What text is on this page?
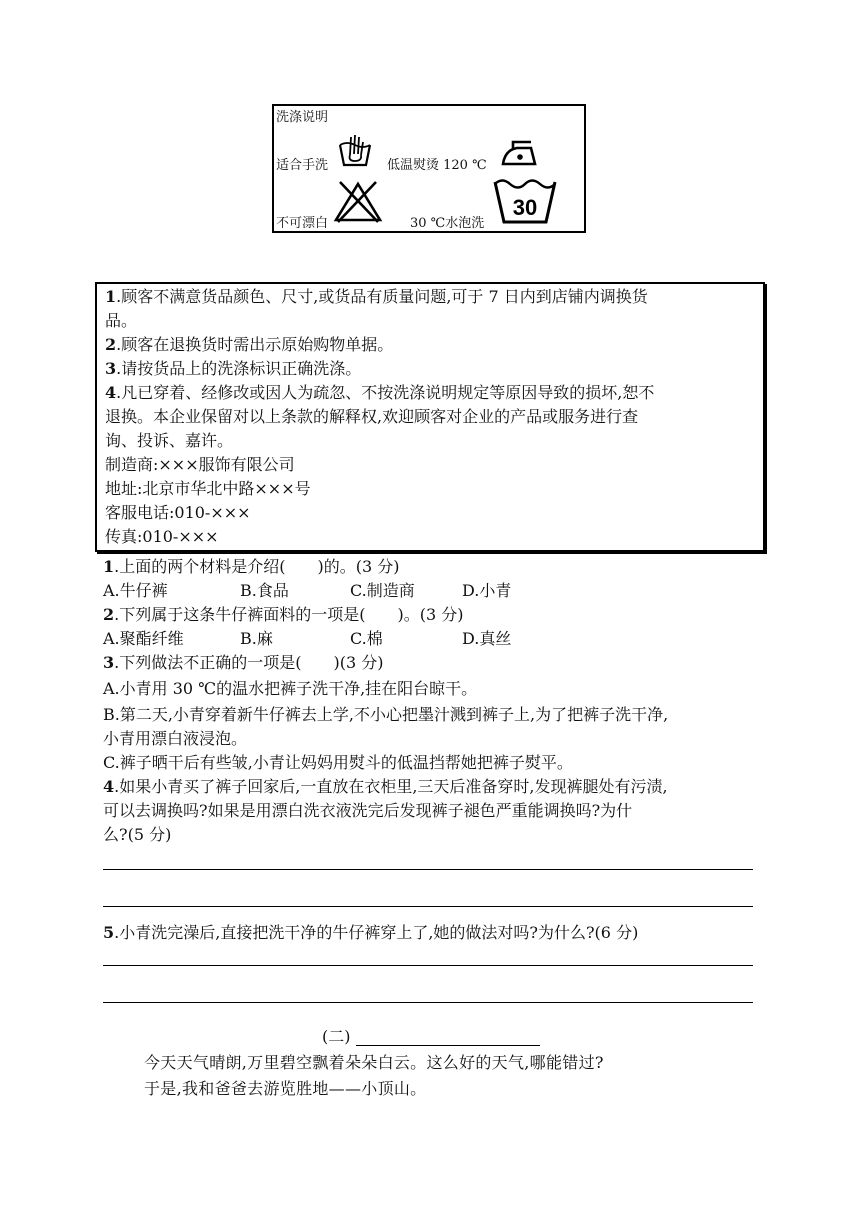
洗涤说明
适合手洗	低温熨烫 120 ℃
不可漂白	30 ℃水泡洗
30
1.顾客不满意货品颜色、尺寸,或货品有质量问题,可于 7 日内到店铺内调换货
品。
2.顾客在退换货时需出示原始购物单据。
3.请按货品上的洗涤标识正确洗涤。
4.凡已穿着、经修改或因人为疏忽、不按洗涤说明规定等原因导致的损坏,恕不
退换。本企业保留对以上条款的解释权,欢迎顾客对企业的产品或服务进行查
询、投诉、嘉许。
制造商:×××服饰有限公司
地址:北京市华北中路×××号
客服电话:010-×××
传真:010-×××
1.上面的两个材料是介绍(　　)的。(3 分)
A.牛仔裤	B.食品	C.制造商	D.小青
2.下列属于这条牛仔裤面料的一项是(　　)。(3 分)
A.聚酯纤维	B.麻	C.棉	D.真丝
3.下列做法不正确的一项是(　　)(3 分)
A.小青用 30 ℃的温水把裤子洗干净,挂在阳台晾干。
B.第二天,小青穿着新牛仔裤去上学,不小心把墨汁溅到裤子上,为了把裤子洗干净,
小青用漂白液浸泡。
C.裤子晒干后有些皱,小青让妈妈用熨斗的低温挡帮她把裤子熨平。
4.如果小青买了裤子回家后,一直放在衣柜里,三天后准备穿时,发现裤腿处有污渍,
可以去调换吗?如果是用漂白洗衣液洗完后发现裤子褪色严重能调换吗?为什
么?(5 分)
5.小青洗完澡后,直接把洗干净的牛仔裤穿上了,她的做法对吗?为什么?(6 分)
(二)
今天天气晴朗,万里碧空飘着朵朵白云。这么好的天气,哪能错过?
于是,我和爸爸去游览胜地——小顶山。
